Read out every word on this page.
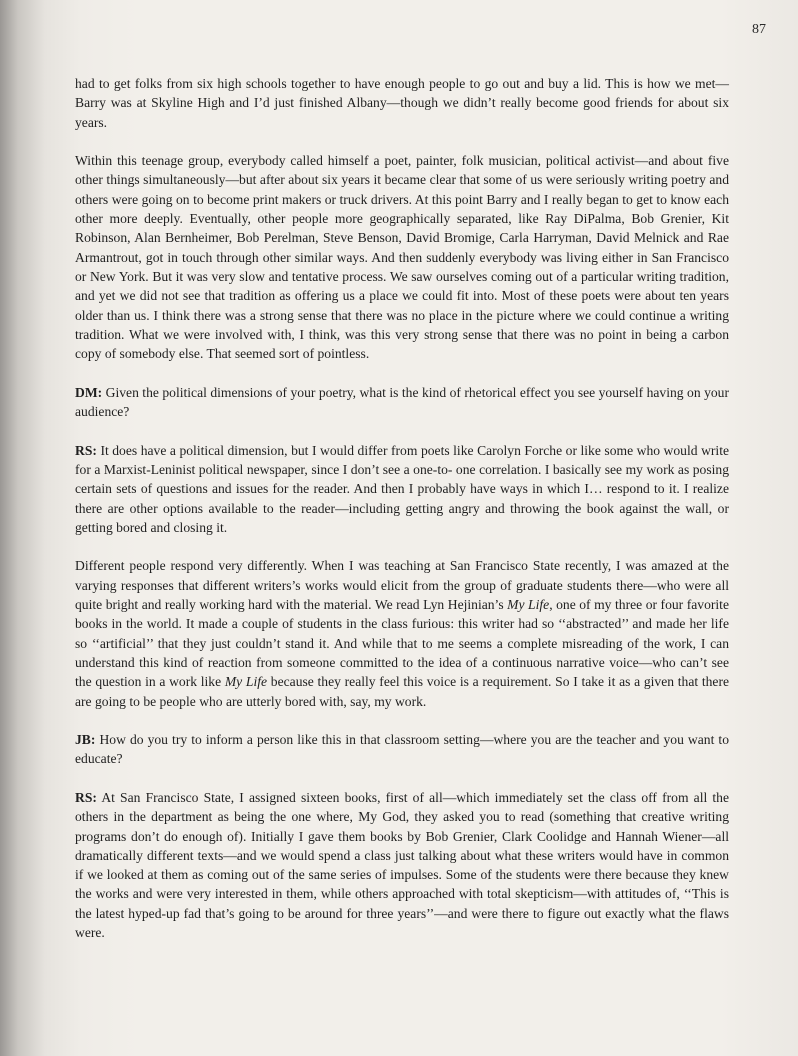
87

had to get folks from six high schools together to have enough people to go out and buy a lid. This is how we met—Barry was at Skyline High and I’d just finished Albany—though we didn’t really become good friends for about six years.

Within this teenage group, everybody called himself a poet, painter, folk musician, political activist—and about five other things simultaneously—but after about six years it became clear that some of us were seriously writing poetry and others were going on to become print makers or truck drivers. At this point Barry and I really began to get to know each other more deeply. Eventually, other people more geographically separated, like Ray DiPalma, Bob Grenier, Kit Robinson, Alan Bernheimer, Bob Perelman, Steve Benson, David Bromige, Carla Harryman, David Melnick and Rae Armantrout, got in touch through other similar ways. And then suddenly everybody was living either in San Francisco or New York. But it was very slow and tentative process. We saw ourselves coming out of a particular writing tradition, and yet we did not see that tradition as offering us a place we could fit into. Most of these poets were about ten years older than us. I think there was a strong sense that there was no place in the picture where we could continue a writing tradition. What we were involved with, I think, was this very strong sense that there was no point in being a carbon copy of somebody else. That seemed sort of pointless.

DM: Given the political dimensions of your poetry, what is the kind of rhetorical effect you see yourself having on your audience?

RS: It does have a political dimension, but I would differ from poets like Carolyn Forche or like some who would write for a Marxist-Leninist political newspaper, since I don’t see a one-to- one correlation. I basically see my work as posing certain sets of questions and issues for the reader. And then I probably have ways in which I… respond to it. I realize there are other options available to the reader—including getting angry and throwing the book against the wall, or getting bored and closing it.

Different people respond very differently. When I was teaching at San Francisco State recently, I was amazed at the varying responses that different writers’s works would elicit from the group of graduate students there—who were all quite bright and really working hard with the material. We read Lyn Hejinian’s My Life, one of my three or four favorite books in the world. It made a couple of students in the class furious: this writer had so ‘‘abstracted’’ and made her life so ‘‘artificial’’ that they just couldn’t stand it. And while that to me seems a complete misreading of the work, I can understand this kind of reaction from someone committed to the idea of a continuous narrative voice—who can’t see the question in a work like My Life because they really feel this voice is a requirement. So I take it as a given that there are going to be people who are utterly bored with, say, my work.

JB: How do you try to inform a person like this in that classroom setting—where you are the teacher and you want to educate?

RS: At San Francisco State, I assigned sixteen books, first of all—which immediately set the class off from all the others in the department as being the one where, My God, they asked you to read (something that creative writing programs don’t do enough of). Initially I gave them books by Bob Grenier, Clark Coolidge and Hannah Wiener—all dramatically different texts—and we would spend a class just talking about what these writers would have in common if we looked at them as coming out of the same series of impulses. Some of the students were there because they knew the works and were very interested in them, while others approached with total skepticism—with attitudes of, ‘‘This is the latest hyped-up fad that’s going to be around for three years’’—and were there to figure out exactly what the flaws were.
